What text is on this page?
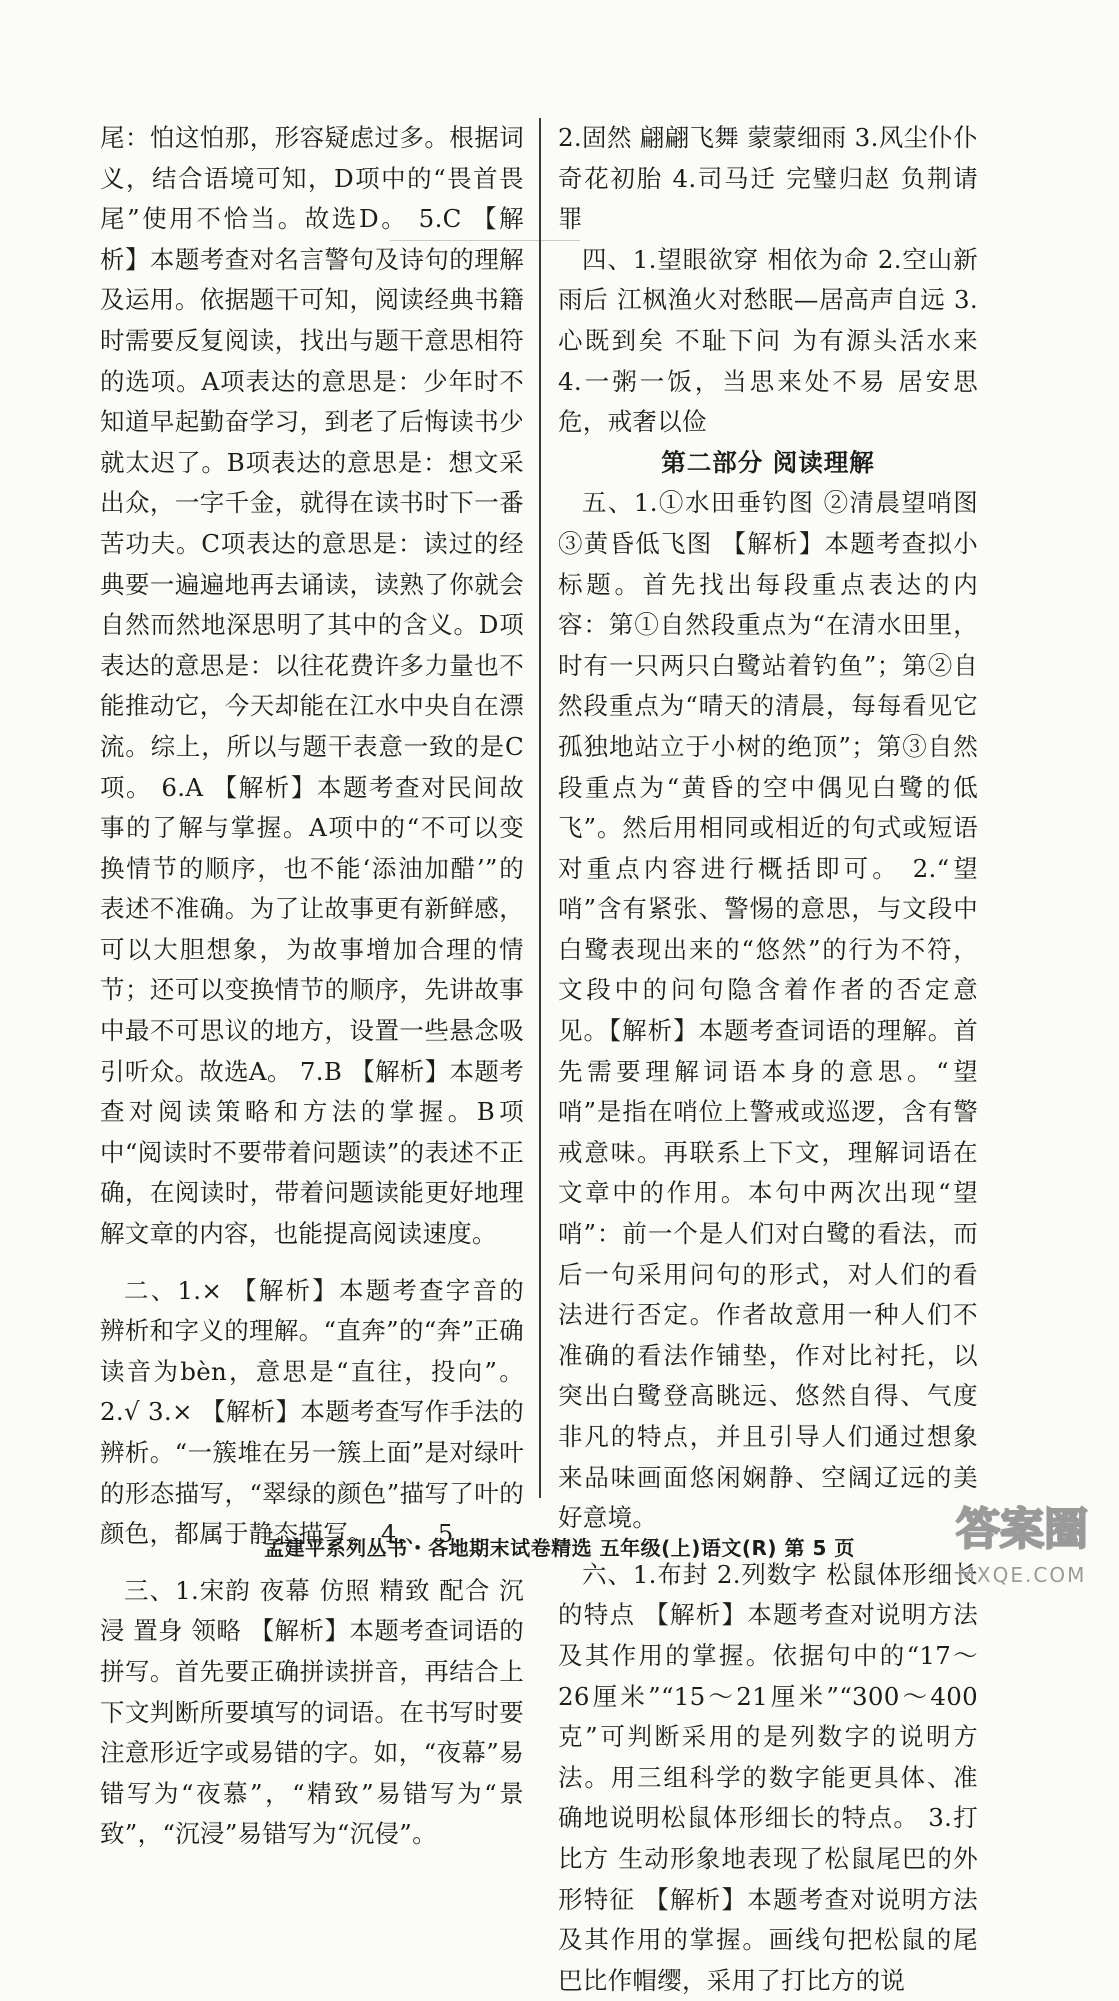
尾：怕这怕那，形容疑虑过多。根据词义，结合语境可知，D项中的“畏首畏尾”使用不恰当。故选D。 5.C 【解析】本题考查对名言警句及诗句的理解及运用。依据题干可知，阅读经典书籍时需要反复阅读，找出与题干意思相符的选项。A项表达的意思是：少年时不知道早起勤奋学习，到老了后悔读书少就太迟了。B项表达的意思是：想文采出众，一字千金，就得在读书时下一番苦功夫。C项表达的意思是：读过的经典要一遍遍地再去诵读，读熟了你就会自然而然地深思明了其中的含义。D项表达的意思是：以往花费许多力量也不能推动它，今天却能在江水中央自在漂流。综上，所以与题干表意一致的是C项。 6.A 【解析】本题考查对民间故事的了解与掌握。A项中的“不可以变换情节的顺序，也不能‘添油加醋’”的表述不准确。为了让故事更有新鲜感，可以大胆想象，为故事增加合理的情节；还可以变换情节的顺序，先讲故事中最不可思议的地方，设置一些悬念吸引听众。故选A。 7.B 【解析】本题考查对阅读策略和方法的掌握。B项中“阅读时不要带着问题读”的表述不正确，在阅读时，带着问题读能更好地理解文章的内容，也能提高阅读速度。

二、1.× 【解析】本题考查字音的辨析和字义的理解。“直奔”的“奔”正确读音为bèn，意思是“直往，投向”。 2.√ 3.× 【解析】本题考查写作手法的辨析。“一簇堆在另一簇上面”是对绿叶的形态描写，“翠绿的颜色”描写了叶的颜色，都属于静态描写。 4.、 5.

三、1.宋韵 夜幕 仿照 精致 配合 沉浸 置身 领略 【解析】本题考查词语的拼写。首先要正确拼读拼音，再结合上下文判断所要填写的词语。在书写时要注意形近字或易错的字。如，“夜幕”易错写为“夜慕”，“精致”易错写为“景致”，“沉浸”易错写为“沉侵”。

2.固然 翩翩飞舞 蒙蒙细雨 3.风尘仆仆 奇花初胎 4.司马迁 完璧归赵 负荆请罪

四、1.望眼欲穿 相依为命 2.空山新雨后 江枫渔火对愁眠—居高声自远 3.心既到矣 不耻下问 为有源头活水来 4.一粥一饭，当思来处不易 居安思危，戒奢以俭

第二部分 阅读理解

五、1.①水田垂钓图 ②清晨望哨图 ③黄昏低飞图 【解析】本题考查拟小标题。首先找出每段重点表达的内容：第①自然段重点为“在清水田里，时有一只两只白鹭站着钓鱼”；第②自然段重点为“晴天的清晨，每每看见它孤独地站立于小树的绝顶”；第③自然段重点为“黄昏的空中偶见白鹭的低飞”。然后用相同或相近的句式或短语对重点内容进行概括即可。 2.“望哨”含有紧张、警惕的意思，与文段中白鹭表现出来的“悠然”的行为不符，文段中的问句隐含着作者的否定意见。【解析】本题考查词语的理解。首先需要理解词语本身的意思。“望哨”是指在哨位上警戒或巡逻，含有警戒意味。再联系上下文，理解词语在文章中的作用。本句中两次出现“望哨”：前一个是人们对白鹭的看法，而后一句采用问句的形式，对人们的看法进行否定。作者故意用一种人们不准确的看法作铺垫，作对比衬托，以突出白鹭登高眺远、悠然自得、气度非凡的特点，并且引导人们通过想象来品味画面悠闲娴静、空阔辽远的美好意境。

六、1.布封 2.列数字 松鼠体形细长的特点 【解析】本题考查对说明方法及其作用的掌握。依据句中的“17～26厘米”“15～21厘米”“300～400克”可判断采用的是列数字的说明方法。用三组科学的数字能更具体、准确地说明松鼠体形细长的特点。 3.打比方 生动形象地表现了松鼠尾巴的外形特征 【解析】本题考查对说明方法及其作用的掌握。画线句把松鼠的尾巴比作帽缨，采用了打比方的说

孟建平系列丛书・各地期末试卷精选 五年级(上)语文(R) 第 5 页	答案圈
MXQE.COM
